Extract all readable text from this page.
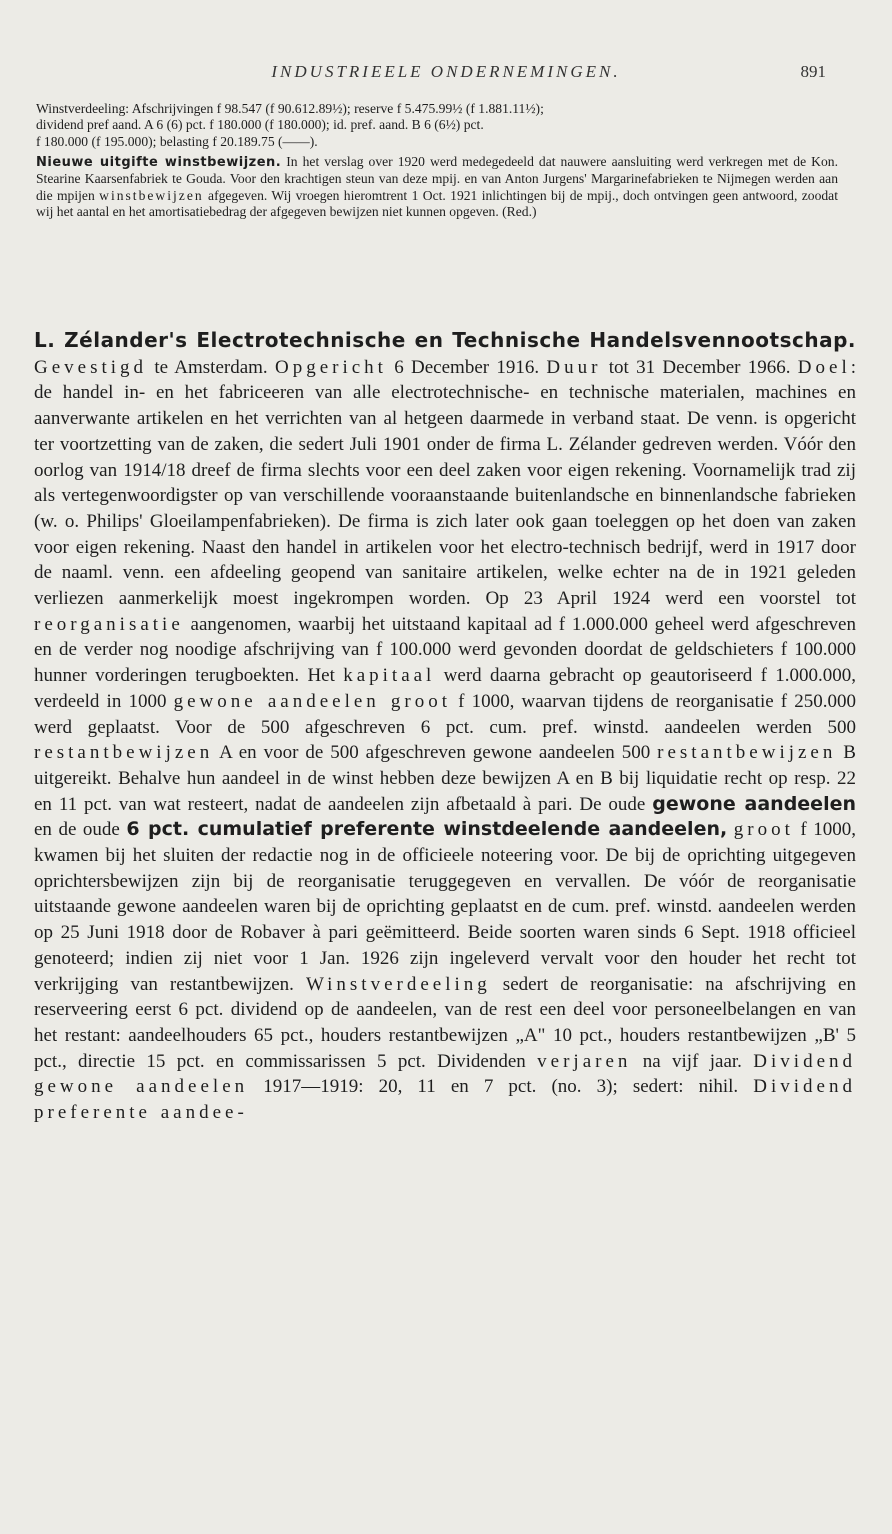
INDUSTRIEELE ONDERNEMINGEN.	891
Winstverdeeling: Afschrijvingen f 98.547 (f 90.612.89½); reserve f 5.475.99½ (f 1.881.11½);
dividend pref aand. A 6 (6) pct. f 180.000 (f 180.000); id. pref. aand. B 6 (6½) pct.
f 180.000 (f 195.000); belasting f 20.189.75 (——).

Nieuwe uitgifte winstbewijzen. In het verslag over 1920 werd medegedeeld dat nauwere aansluiting werd verkregen met de Kon. Stearine Kaarsenfabriek te Gouda. Voor den krachtigen steun van deze mpij. en van Anton Jurgens' Margarinefabrieken te Nijmegen werden aan die mpijen winstbewijzen afgegeven. Wij vroegen hieromtrent 1 Oct. 1921 inlichtingen bij de mpij., doch ontvingen geen antwoord, zoodat wij het aantal en het amortisatiebedrag der afgegeven bewijzen niet kunnen opgeven. (Red.)

L. Zélander's Electrotechnische en Technische Handelsvennootschap. Gevestigd te Amsterdam. Opgericht 6 December 1916. Duur tot 31 December 1966. Doel: de handel in- en het fabriceeren van alle electrotechnische- en technische materialen, machines en aanverwante artikelen en het verrichten van al hetgeen daarmede in verband staat. De venn. is opgericht ter voortzetting van de zaken, die sedert Juli 1901 onder de firma L. Zélander gedreven werden. Vóór den oorlog van 1914/18 dreef de firma slechts voor een deel zaken voor eigen rekening. Voornamelijk trad zij als vertegenwoordigster op van verschillende vooraanstaande buitenlandsche en binnenlandsche fabrieken (w. o. Philips' Gloeilampenfabrieken). De firma is zich later ook gaan toeleggen op het doen van zaken voor eigen rekening. Naast den handel in artikelen voor het electro-technisch bedrijf, werd in 1917 door de naaml. venn. een afdeeling geopend van sanitaire artikelen, welke echter na de in 1921 geleden verliezen aanmerkelijk moest ingekrompen worden. Op 23 April 1924 werd een voorstel tot reorganisatie aangenomen, waarbij het uitstaand kapitaal ad f 1.000.000 geheel werd afgeschreven en de verder nog noodige afschrijving van f 100.000 werd gevonden doordat de geldschieters f 100.000 hunner vorderingen terugboekten. Het kapitaal werd daarna gebracht op geautoriseerd f 1.000.000, verdeeld in 1000 gewone aandeelen groot f 1000, waarvan tijdens de reorganisatie f 250.000 werd geplaatst. Voor de 500 afgeschreven 6 pct. cum. pref. winstd. aandeelen werden 500 restantbewijzen A en voor de 500 afgeschreven gewone aandeelen 500 restantbewijzen B uitgereikt. Behalve hun aandeel in de winst hebben deze bewijzen A en B bij liquidatie recht op resp. 22 en 11 pct. van wat resteert, nadat de aandeelen zijn afbetaald à pari. De oude gewone aandeelen en de oude 6 pct. cumulatief preferente winstdeelende aandeelen, groot f 1000, kwamen bij het sluiten der redactie nog in de officieele noteering voor. De bij de oprichting uitgegeven oprichtersbewijzen zijn bij de reorganisatie teruggegeven en vervallen. De vóór de reorganisatie uitstaande gewone aandeelen waren bij de oprichting geplaatst en de cum. pref. winstd. aandeelen werden op 25 Juni 1918 door de Robaver à pari geëmitteerd. Beide soorten waren sinds 6 Sept. 1918 officieel genoteerd; indien zij niet voor 1 Jan. 1926 zijn ingeleverd vervalt voor den houder het recht tot verkrijging van restantbewijzen. Winstverdeeling sedert de reorganisatie: na afschrijving en reserveering eerst 6 pct. dividend op de aandeelen, van de rest een deel voor personeelbelangen en van het restant: aandeelhouders 65 pct., houders restantbewijzen „A" 10 pct., houders restantbewijzen „B' 5 pct., directie 15 pct. en commissarissen 5 pct. Dividenden verjaren na vijf jaar. Dividend gewone aandeelen 1917—1919: 20, 11 en 7 pct. (no. 3); sedert: nihil. Dividend preferente aandee-
